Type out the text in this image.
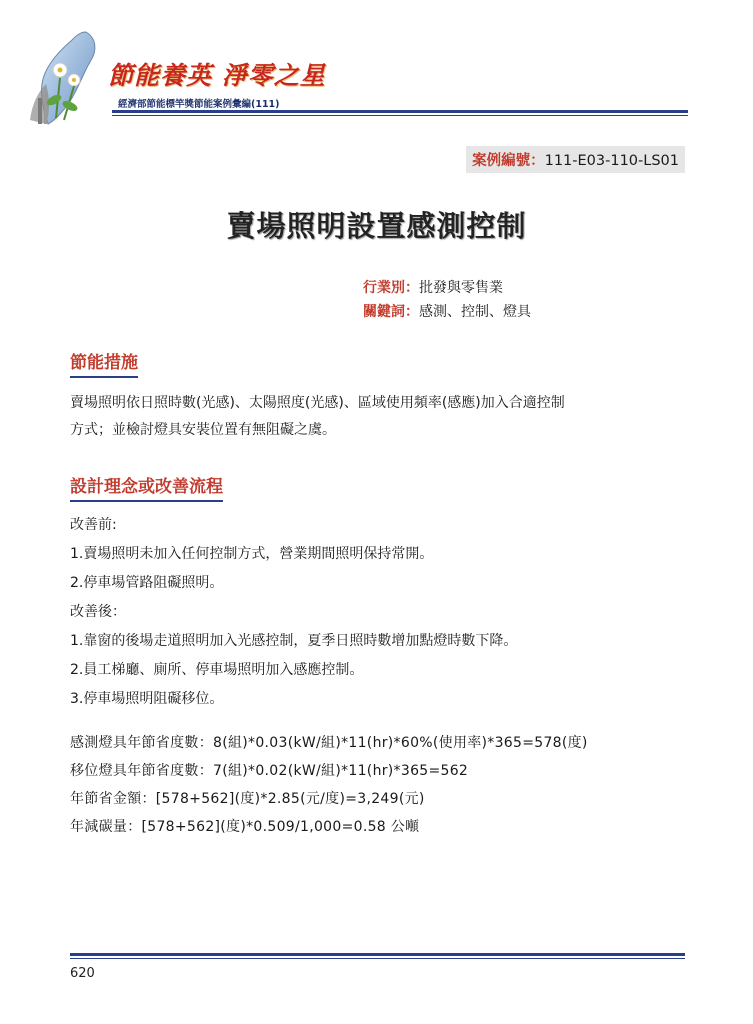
節能養英 淨零之星
經濟部節能標竿獎節能案例彙編(111)
案例編號：111-E03-110-LS01
賣場照明設置感測控制
行業別：批發與零售業
關鍵詞：感測、控制、燈具
節能措施
賣場照明依日照時數(光感)、太陽照度(光感)、區域使用頻率(感應)加入合適控制
方式；並檢討燈具安裝位置有無阻礙之虞。
設計理念或改善流程
改善前:
1.賣場照明未加入任何控制方式，營業期間照明保持常開。
2.停車場管路阻礙照明。
改善後：
1.靠窗的後場走道照明加入光感控制，夏季日照時數增加點燈時數下降。
2.員工梯廳、廁所、停車場照明加入感應控制。
3.停車場照明阻礙移位。
感測燈具年節省度數：8(組)*0.03(kW/組)*11(hr)*60%(使用率)*365=578(度)
移位燈具年節省度數：7(組)*0.02(kW/組)*11(hr)*365=562
年節省金額：[578+562](度)*2.85(元/度)=3,249(元)
年減碳量：[578+562](度)*0.509/1,000=0.58 公噸
620
